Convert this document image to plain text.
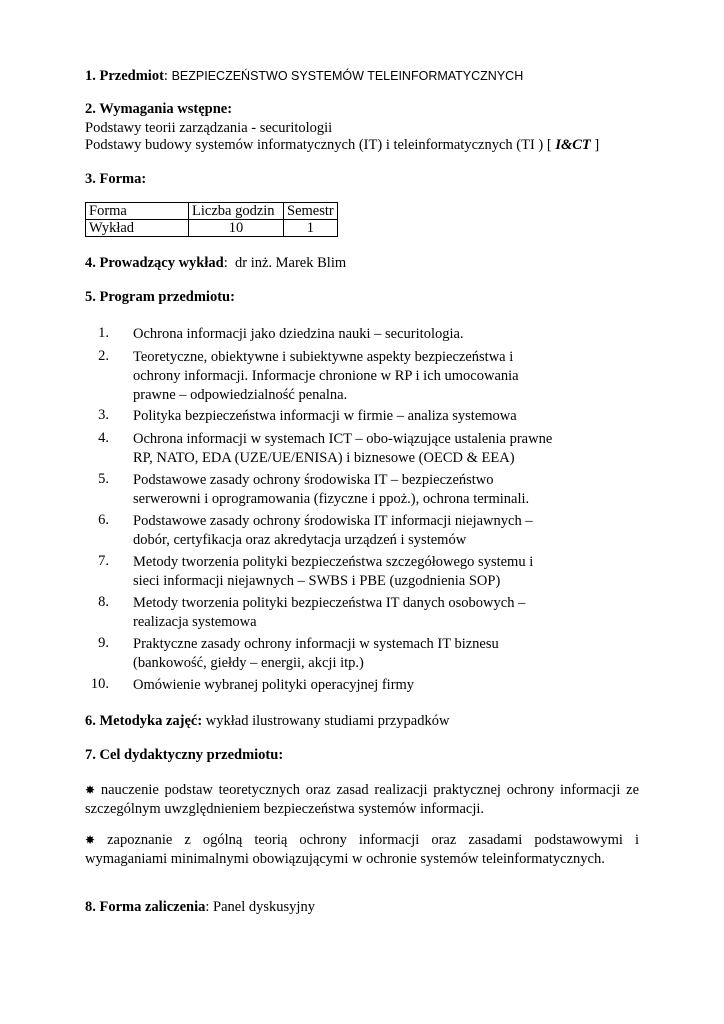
1. Przedmiot: BEZPIECZEŃSTWO SYSTEMÓW TELEINFORMATYCZNYCH
2. Wymagania wstępne:
Podstawy teorii zarządzania - securitologii
Podstawy budowy systemów informatycznych (IT) i teleinformatycznych (TI ) [ I&CT ]
3. Forma:
Forma	Liczba godzin	Semestr
Wykład	10	1
4. Prowadzący wykład: dr inż. Marek Blim
5. Program przedmiotu:
1. Ochrona informacji jako dziedzina nauki – securitologia.
2. Teoretyczne, obiektywne i subiektywne aspekty bezpieczeństwa i
ochrony informacji. Informacje chronione w RP i ich umocowania
prawne – odpowiedzialność penalna.
3. Polityka bezpieczeństwa informacji w firmie – analiza systemowa
4. Ochrona informacji w systemach ICT – obo-wiązujące ustalenia prawne
RP, NATO, EDA (UZE/UE/ENISA) i biznesowe (OECD & EEA)
5. Podstawowe zasady ochrony środowiska IT – bezpieczeństwo
serwerowni i oprogramowania (fizyczne i ppoż.), ochrona terminali.
6. Podstawowe zasady ochrony środowiska IT informacji niejawnych –
dobór, certyfikacja oraz akredytacja urządzeń i systemów
7. Metody tworzenia polityki bezpieczeństwa szczegółowego systemu i
sieci informacji niejawnych – SWBS i PBE (uzgodnienia SOP)
8. Metody tworzenia polityki bezpieczeństwa IT danych osobowych –
realizacja systemowa
9. Praktyczne zasady ochrony informacji w systemach IT biznesu
(bankowość, giełdy – energii, akcji itp.)
10. Omówienie wybranej polityki operacyjnej firmy
6. Metodyka zajęć: wykład ilustrowany studiami przypadków
7. Cel dydaktyczny przedmiotu:
✸ nauczenie podstaw teoretycznych oraz zasad realizacji praktycznej ochrony informacji ze
szczególnym uwzględnieniem bezpieczeństwa systemów informacji.
✸ zapoznanie z ogólną teorią ochrony informacji oraz zasadami podstawowymi i
wymaganiami minimalnymi obowiązującymi w ochronie systemów teleinformatycznych.
8. Forma zaliczenia: Panel dyskusyjny
